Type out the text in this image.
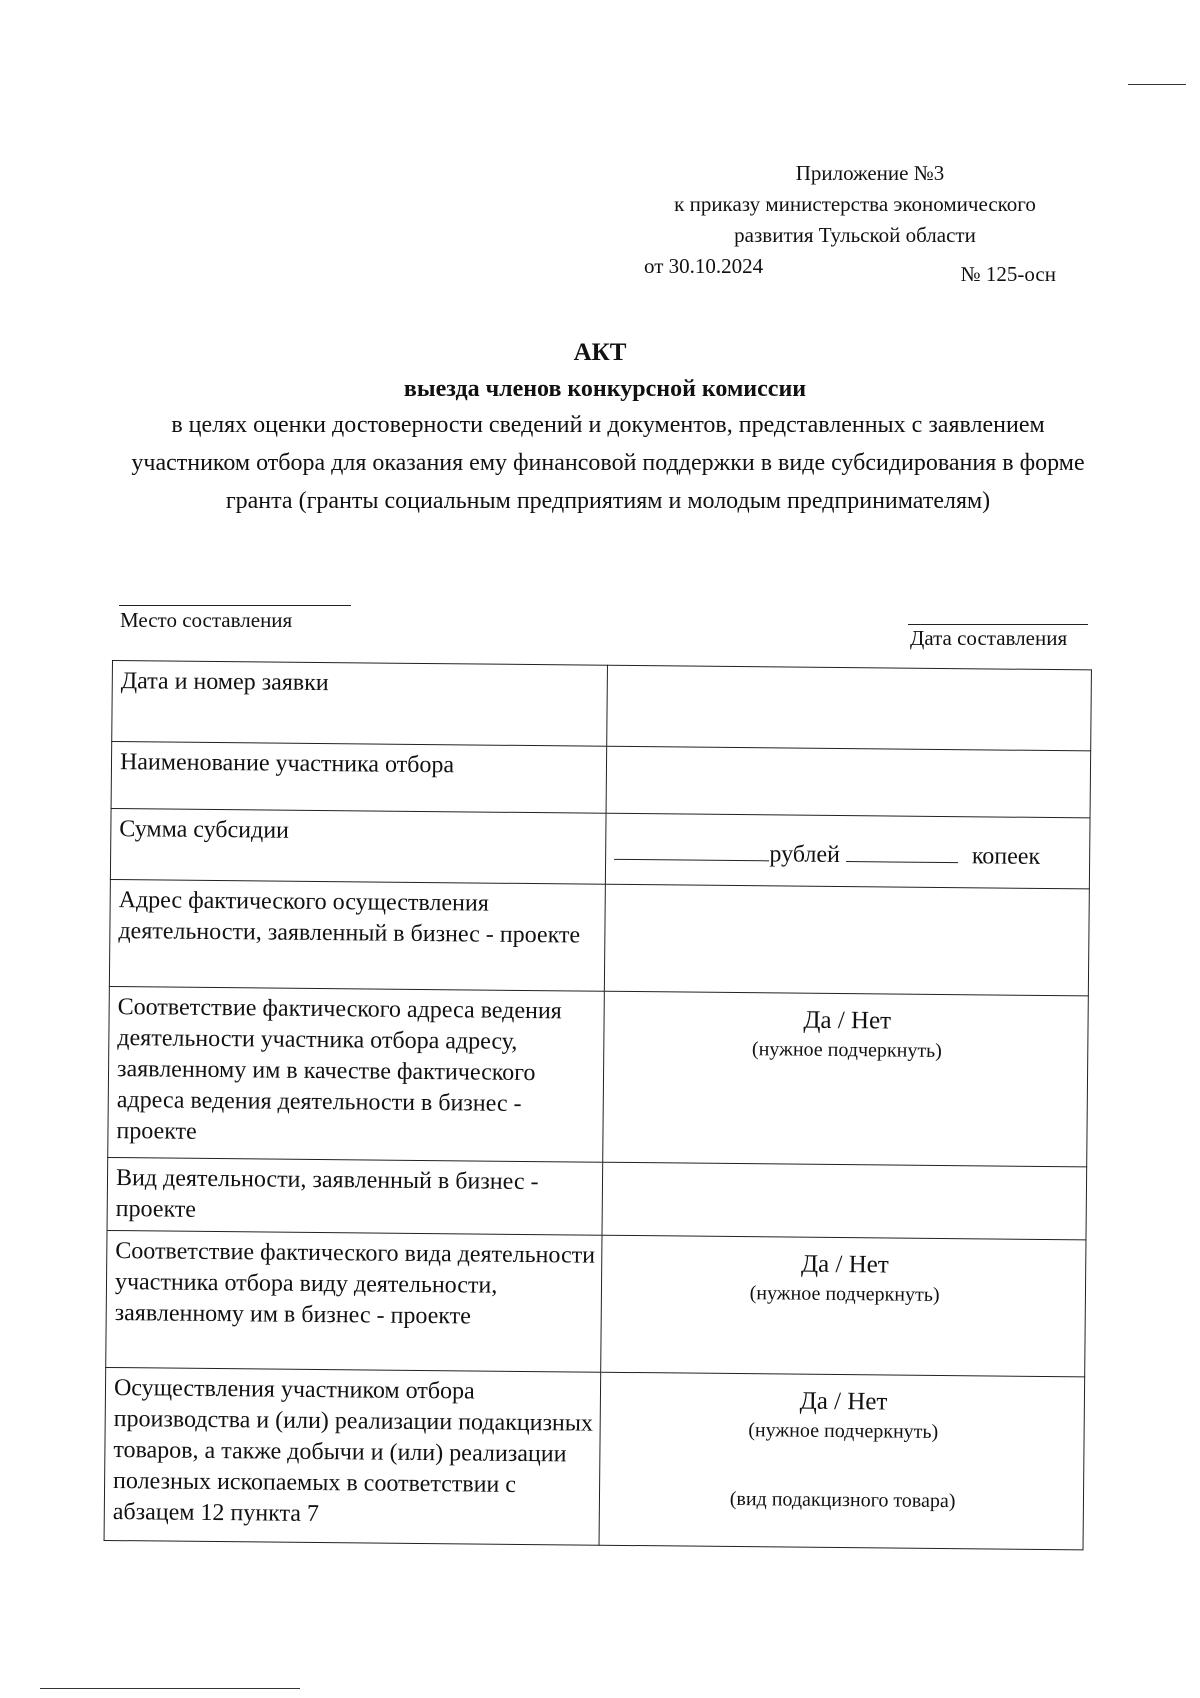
Приложение №3
к приказу министерства экономического
развития Тульской области
от 30.10.2024	№ 125-осн
АКТ
выезда членов конкурсной комиссии
в целях оценки достоверности сведений и документов, представленных с заявлением участником отбора для оказания ему финансовой поддержки в виде субсидирования в форме гранта (гранты социальным предприятиям и молодым предпринимателям)
Место составления
Дата составления
Дата и номер заявки	
Наименование участника отбора	
Сумма субсидии	рублей копеек

Адрес фактического осуществления деятельности, заявленный в бизнес - проекте	
Соответствие фактического адреса ведения деятельности участника отбора адресу, заявленному им в качестве фактического адреса ведения деятельности в бизнес - проекте	Да / Нет
(нужное подчеркнуть)

Вид деятельности, заявленный в бизнес - проекте	
Соответствие фактического вида деятельности участника отбора виду деятельности, заявленному им в бизнес - проекте	Да / Нет
(нужное подчеркнуть)

Осуществления участником отбора производства и (или) реализации подакцизных товаров, а также добычи и (или) реализации полезных ископаемых в соответствии с абзацем 12 пункта 7	Да / Нет
(нужное подчеркнуть)
(вид подакцизного товара)
